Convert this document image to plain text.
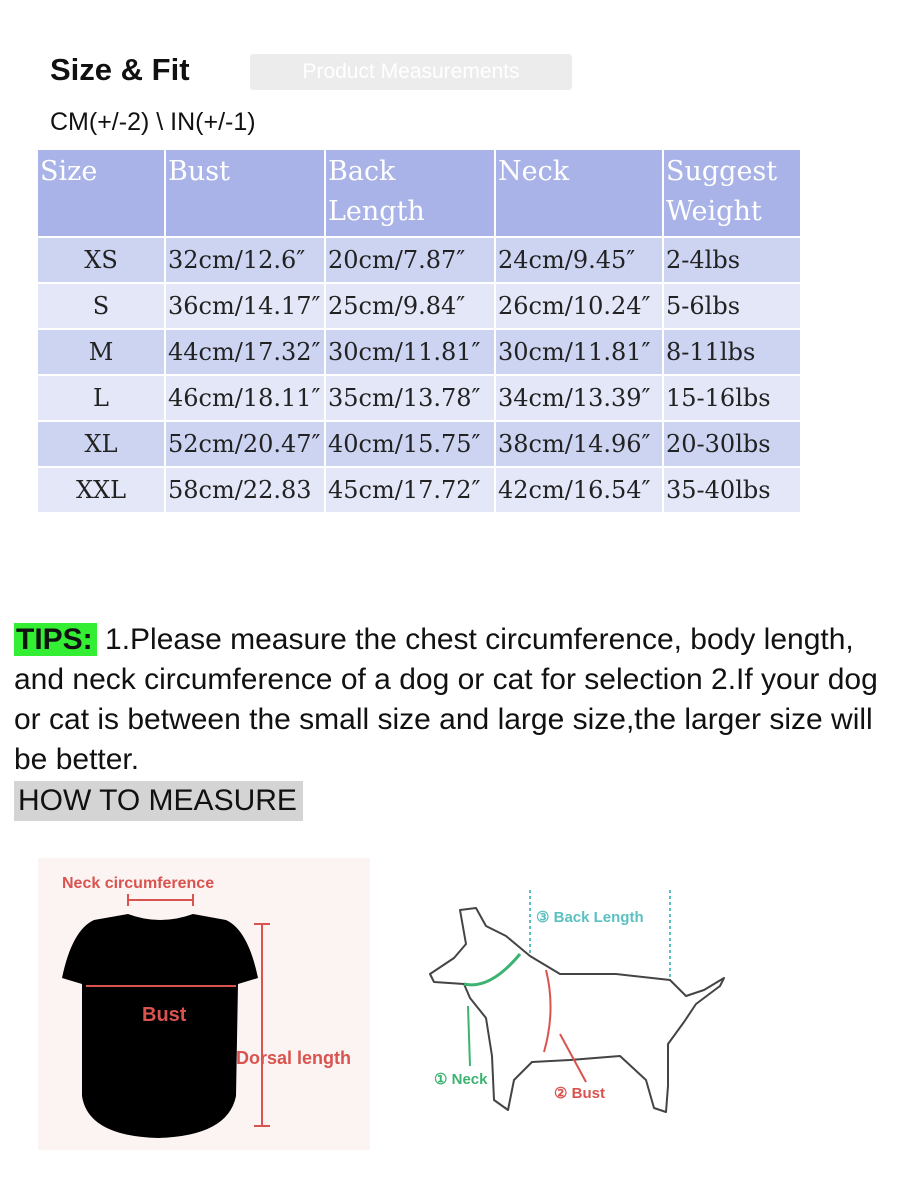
Size & Fit	Product Measurements
CM(+/-2) \ IN(+/-1)
Size	Bust	Back Length	Neck	Suggest Weight
XS	32cm/12.6″	20cm/7.87″	24cm/9.45″	2-4lbs
S	36cm/14.17″	25cm/9.84″	26cm/10.24″	5-6lbs
M	44cm/17.32″	30cm/11.81″	30cm/11.81″	8-11lbs
L	46cm/18.11″	35cm/13.78″	34cm/13.39″	15-16lbs
XL	52cm/20.47″	40cm/15.75″	38cm/14.96″	20-30lbs
XXL	58cm/22.83	45cm/17.72″	42cm/16.54″	35-40lbs
TIPS: 1.Please measure the chest circumference, body length, and neck circumference of a dog or cat for selection 2.If your dog or cat is between the small size and large size,the larger size will be better.
HOW TO MEASURE
Neck circumference
Bust
Dorsal length
③ Back Length
① Neck
② Bust
